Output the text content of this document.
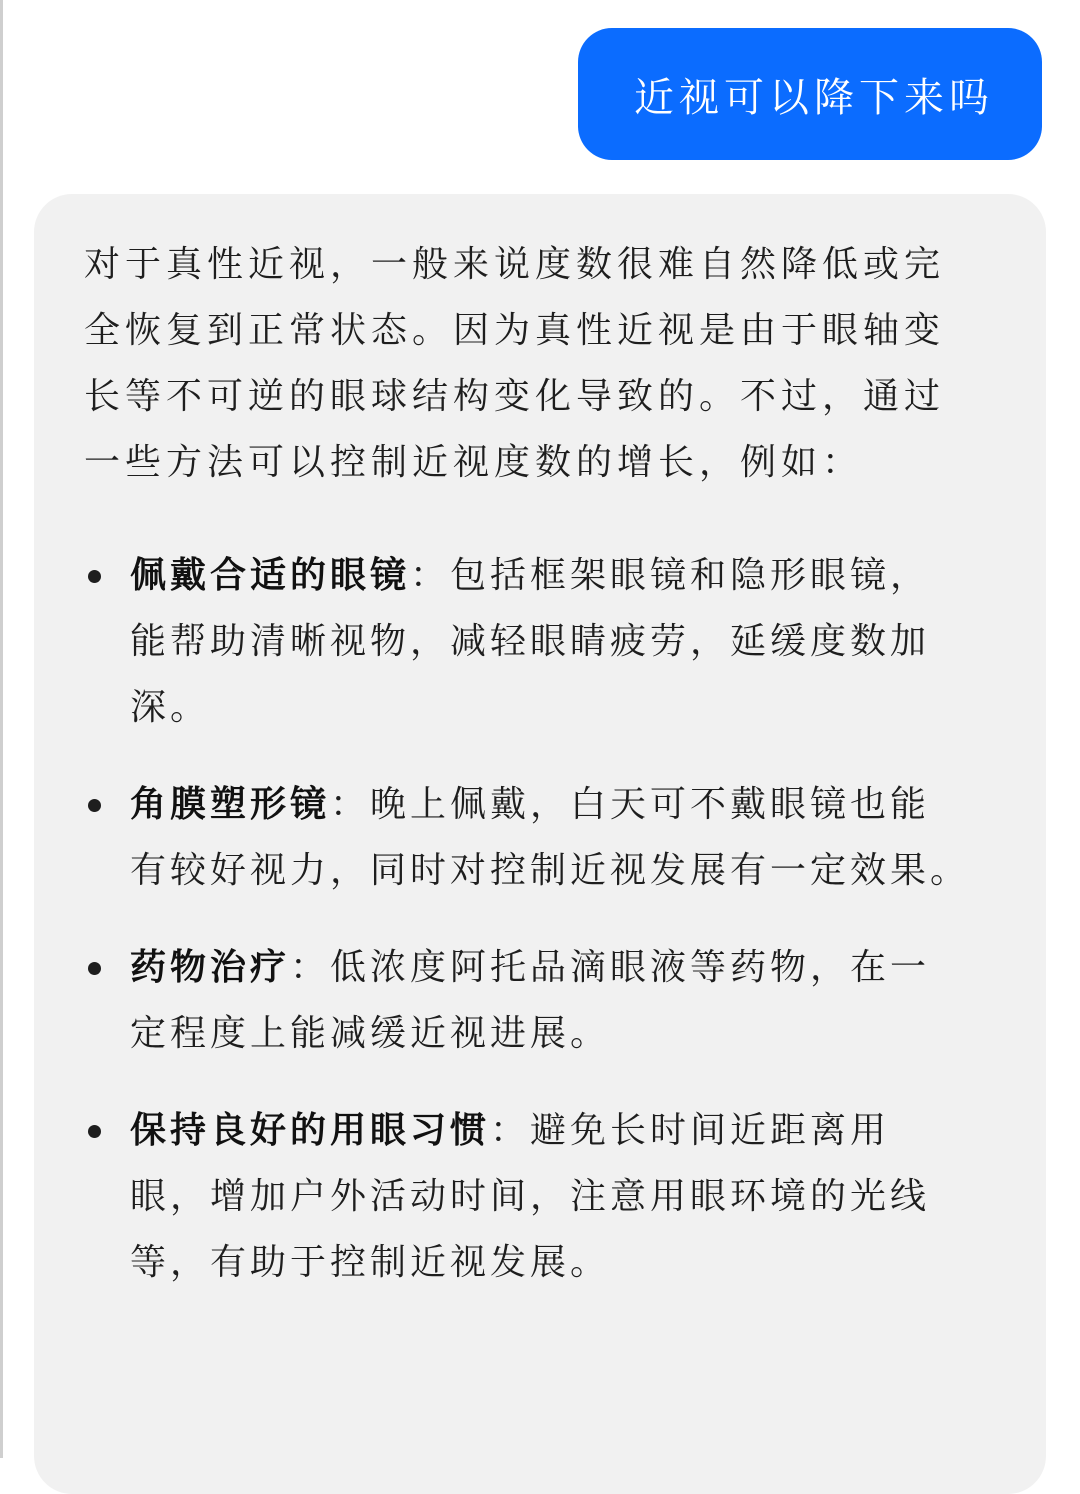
近视可以降下来吗

对于真性近视，一般来说度数很难自然降低或完全恢复到正常状态。因为真性近视是由于眼轴变长等不可逆的眼球结构变化导致的。不过，通过一些方法可以控制近视度数的增长，例如：

佩戴合适的眼镜：包括框架眼镜和隐形眼镜，能帮助清晰视物，减轻眼睛疲劳，延缓度数加深。
角膜塑形镜：晚上佩戴，白天可不戴眼镜也能有较好视力，同时对控制近视发展有一定效果。
药物治疗：低浓度阿托品滴眼液等药物，在一定程度上能减缓近视进展。
保持良好的用眼习惯：避免长时间近距离用眼，增加户外活动时间，注意用眼环境的光线等，有助于控制近视发展。
